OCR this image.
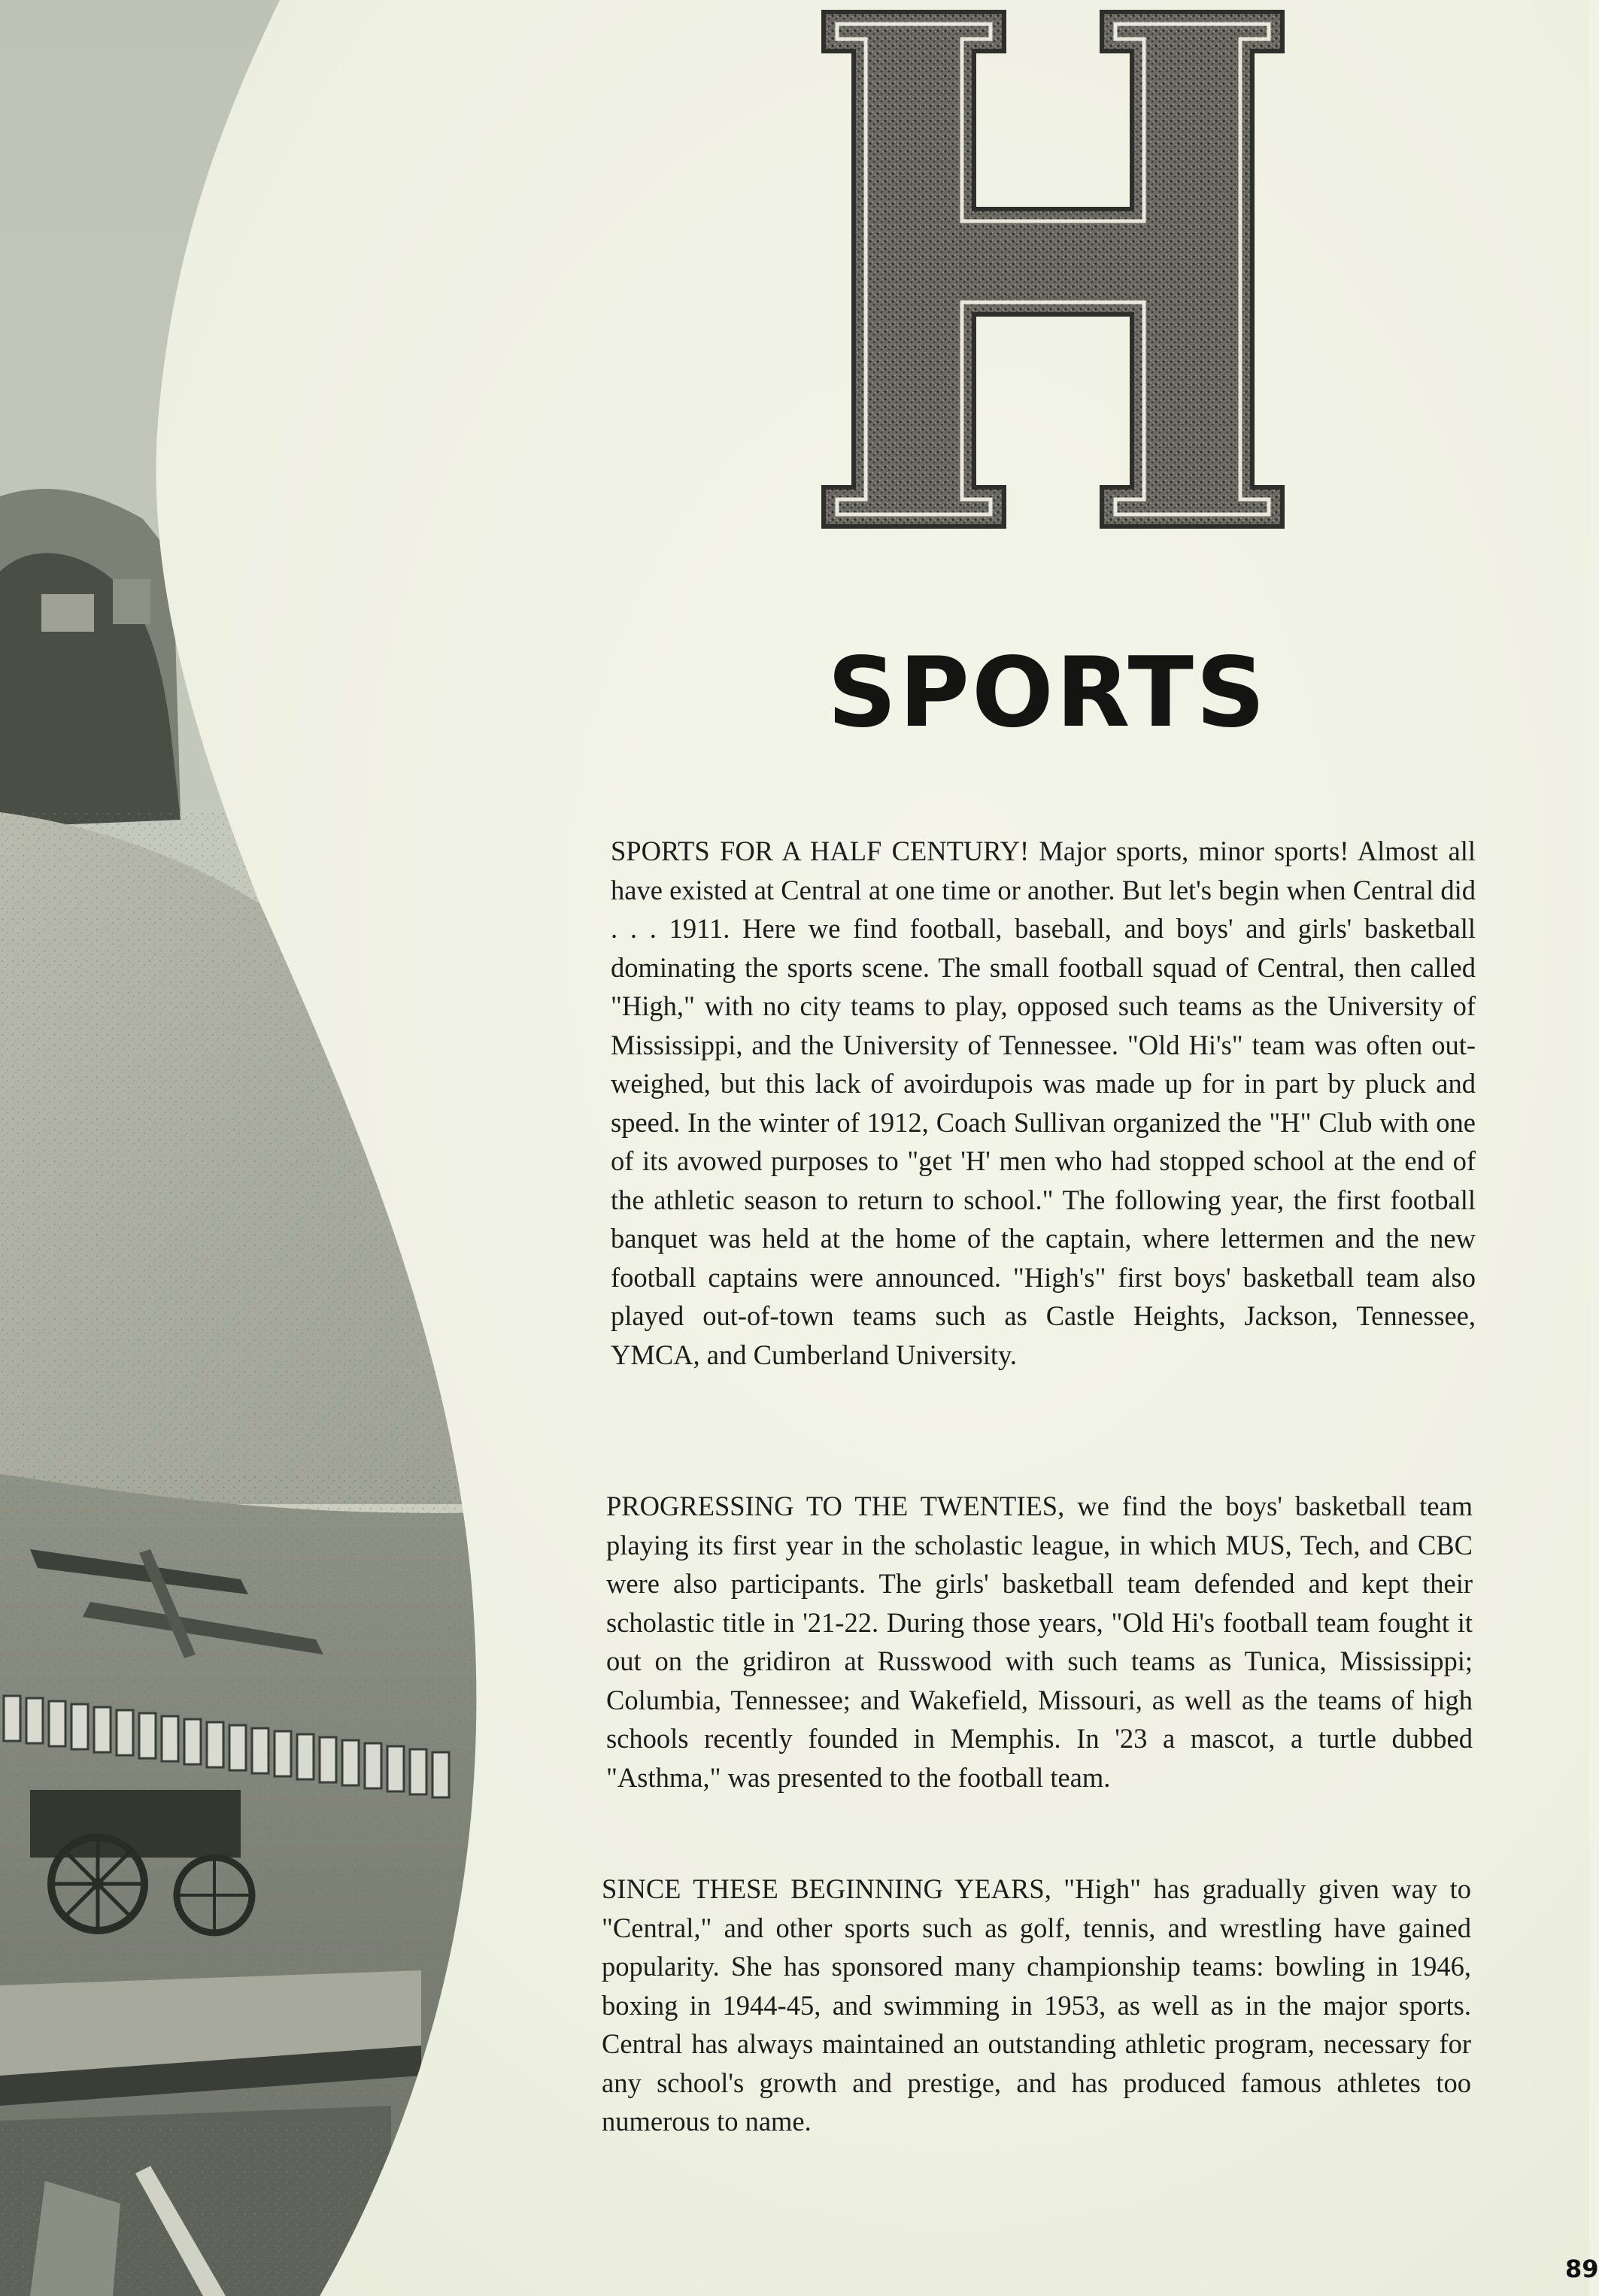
SPORTS

SPORTS FOR A HALF CENTURY! Major sports, minor sports! Almost all have existed at Central at one time or another. But let's begin when Central did . . . 1911. Here we find football, baseball, and boys' and girls' basketball dominating the sports scene. The small football squad of Central, then called "High," with no city teams to play, opposed such teams as the University of Mississippi, and the University of Tennessee. "Old Hi's" team was often out-weighed, but this lack of avoirdupois was made up for in part by pluck and speed. In the winter of 1912, Coach Sullivan organized the "H" Club with one of its avowed purposes to "get 'H' men who had stopped school at the end of the athletic season to return to school." The following year, the first football banquet was held at the home of the captain, where lettermen and the new football captains were announced. "High's" first boys' basketball team also played out-of-town teams such as Castle Heights, Jackson, Tennessee, YMCA, and Cumberland University.

PROGRESSING TO THE TWENTIES, we find the boys' basketball team playing its first year in the scholastic league, in which MUS, Tech, and CBC were also participants. The girls' basketball team defended and kept their scholastic title in '21-22. During those years, "Old Hi's football team fought it out on the gridiron at Russwood with such teams as Tunica, Mississippi; Columbia, Tennessee; and Wakefield, Missouri, as well as the teams of high schools recently founded in Memphis. In '23 a mascot, a turtle dubbed "Asthma," was presented to the football team.

SINCE THESE BEGINNING YEARS, "High" has gradually given way to "Central," and other sports such as golf, tennis, and wrestling have gained popularity. She has sponsored many championship teams: bowling in 1946, boxing in 1944-45, and swimming in 1953, as well as in the major sports. Central has always maintained an outstanding athletic program, necessary for any school's growth and prestige, and has produced famous athletes too numerous to name.

89
